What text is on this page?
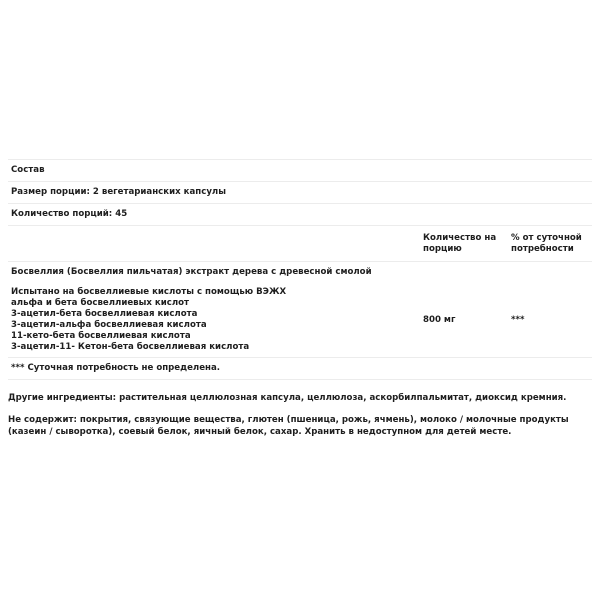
Состав
Размер порции: 2 вегетарианских капсулы
Количество порций: 45
Количество на порцию
% от суточной потребности
Босвеллия (Босвеллия пильчатая) экстракт дерева с древесной смолой
Испытано на босвеллиевые кислоты с помощью ВЭЖХ
альфа и бета босвеллиевых кислот
3-ацетил-бета босвеллиевая кислота
3-ацетил-альфа босвеллиевая кислота
11-кето-бета босвеллиевая кислота
3-ацетил-11- Кетон-бета босвеллиевая кислота
800 мг	***
*** Суточная потребность не определена.

Другие ингредиенты: растительная целлюлозная капсула, целлюлоза, аскорбилпальмитат, диоксид кремния.

Не содержит: покрытия, связующие вещества, глютен (пшеница, рожь, ячмень), молоко / молочные продукты (казеин / сыворотка), соевый белок, яичный белок, сахар. Хранить в недоступном для детей месте.
